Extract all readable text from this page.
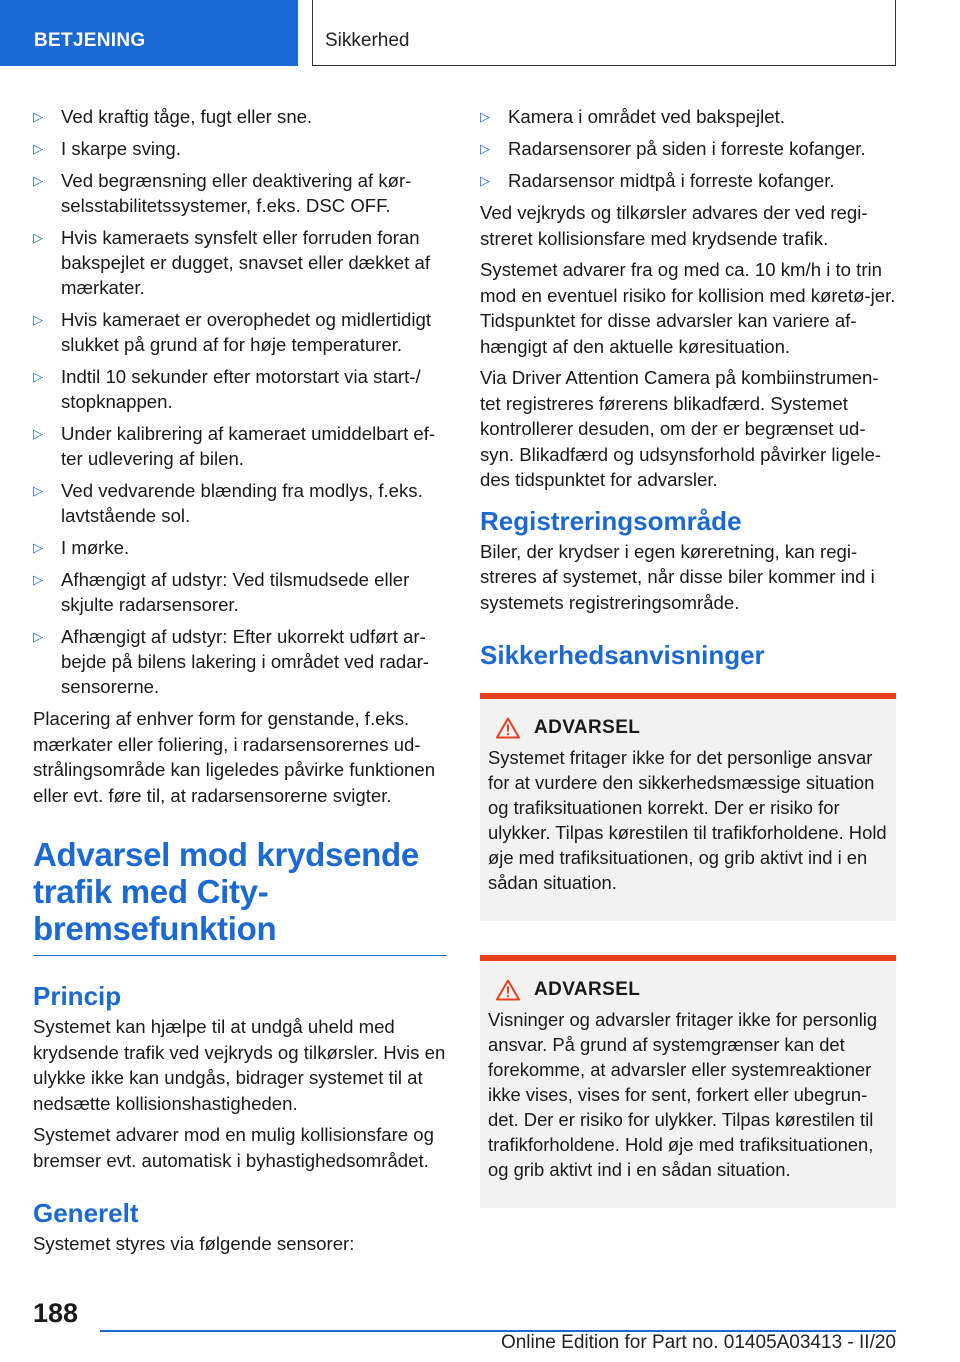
BETJENING	Sikkerhed
▷ Ved kraftig tåge, fugt eller sne.
▷ I skarpe sving.
▷ Ved begrænsning eller deaktivering af kør-selsstabilitetssystemer, f.eks. DSC OFF.
▷ Hvis kameraets synsfelt eller forruden foran bakspejlet er dugget, snavset eller dækket af mærkater.
▷ Hvis kameraet er overophedet og midlertidigt slukket på grund af for høje temperaturer.
▷ Indtil 10 sekunder efter motorstart via start-/ stopknappen.
▷ Under kalibrering af kameraet umiddelbart ef-ter udlevering af bilen.
▷ Ved vedvarende blænding fra modlys, f.eks. lavtstående sol.
▷ I mørke.
▷ Afhængigt af udstyr: Ved tilsmudsede eller skjulte radarsensorer.
▷ Afhængigt af udstyr: Efter ukorrekt udført ar-bejde på bilens lakering i området ved radar-sensorerne.

Placering af enhver form for genstande, f.eks. mærkater eller foliering, i radarsensorernes ud-strålingsområde kan ligeledes påvirke funktionen eller evt. føre til, at radarsensorerne svigter.

Advarsel mod krydsende trafik med City-bremsefunktion
Princip

Systemet kan hjælpe til at undgå uheld med krydsende trafik ved vejkryds og tilkørsler. Hvis en ulykke ikke kan undgås, bidrager systemet til at nedsætte kollisionshastigheden.

Systemet advarer mod en mulig kollisionsfare og bremser evt. automatisk i byhastighedsområdet.

Generelt

Systemet styres via følgende sensorer:

▷ Kamera i området ved bakspejlet.
▷ Radarsensorer på siden i forreste kofanger.
▷ Radarsensor midtpå i forreste kofanger.

Ved vejkryds og tilkørsler advares der ved regi-streret kollisionsfare med krydsende trafik.

Systemet advarer fra og med ca. 10 km/h i to trin mod en eventuel risiko for kollision med køretø-jer. Tidspunktet for disse advarsler kan variere af-hængigt af den aktuelle køresituation.

Via Driver Attention Camera på kombiinstrumen-tet registreres førerens blikadfærd. Systemet kontrollerer desuden, om der er begrænset ud-syn. Blikadfærd og udsynsforhold påvirker ligele-des tidspunktet for advarsler.

Registreringsområde

Biler, der krydser i egen køreretning, kan regi-streres af systemet, når disse biler kommer ind i systemets registreringsområde.

Sikkerhedsanvisninger
ADVARSEL
Systemet fritager ikke for det personlige ansvar for at vurdere den sikkerhedsmæssige situation og trafiksituationen korrekt. Der er risiko for ulykker. Tilpas kørestilen til trafikforholdene. Hold øje med trafiksituationen, og grib aktivt ind i en sådan situation.
ADVARSEL
Visninger og advarsler fritager ikke for personlig ansvar. På grund af systemgrænser kan det forekomme, at advarsler eller systemreaktioner ikke vises, vises for sent, forkert eller ubegrun-det. Der er risiko for ulykker. Tilpas kørestilen til trafikforholdene. Hold øje med trafiksituationen, og grib aktivt ind i en sådan situation.
188
Online Edition for Part no. 01405A03413 - II/20
